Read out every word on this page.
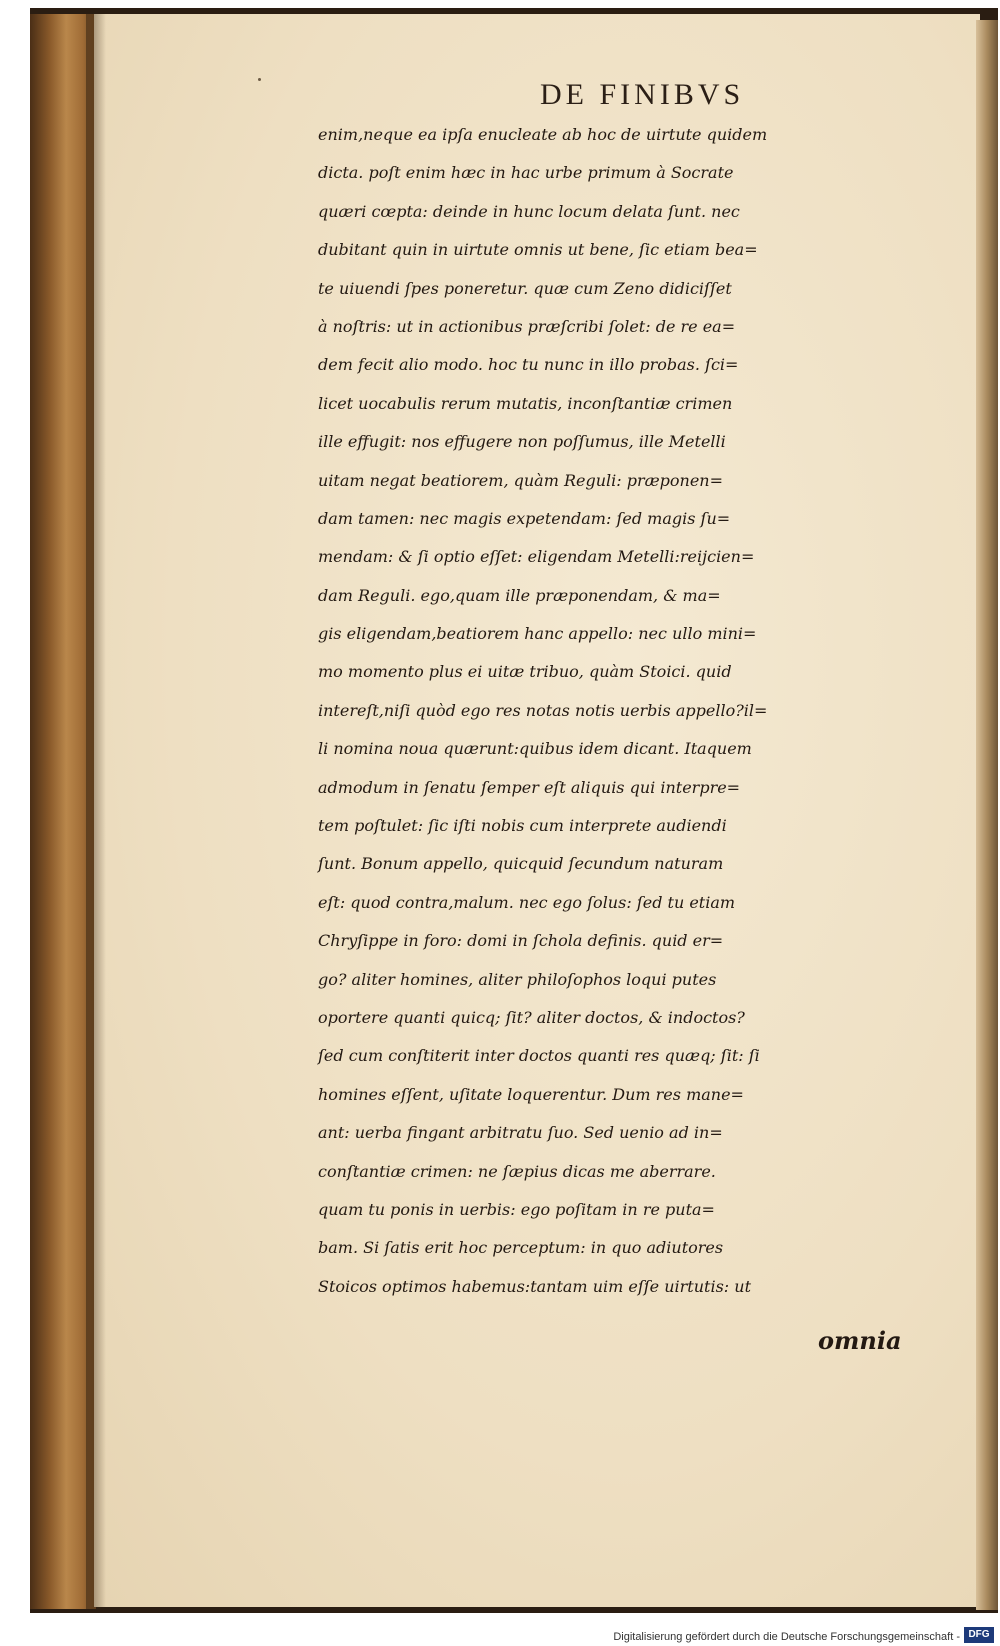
DE FINIBVS
enim,neque ea ipſa enucleate ab hoc de uirtute quidem
dicta. poſt enim hæc in hac urbe primum à Socrate
quæri cœpta: deinde in hunc locum delata ſunt. nec
dubitant quin in uirtute omnis ut bene, ſic etiam bea=
te uiuendi ſpes poneretur. quæ cum Zeno didiciſſet
à noſtris: ut in actionibus præſcribi ſolet: de re ea=
dem fecit alio modo. hoc tu nunc in illo probas. ſci=
licet uocabulis rerum mutatis, inconſtantiæ crimen
ille effugit: nos effugere non poſſumus, ille Metelli
uitam negat beatiorem, quàm Reguli: præponen=
dam tamen: nec magis expetendam: ſed magis ſu=
mendam: & ſi optio eſſet: eligendam Metelli:reijcien=
dam Reguli. ego,quam ille præponendam, & ma=
gis eligendam,beatiorem hanc appello: nec ullo mini=
mo momento plus ei uitæ tribuo, quàm Stoici. quid
intereſt,niſi quòd ego res notas notis uerbis appello?il=
li nomina noua quærunt:quibus idem dicant. Itaquem
admodum in ſenatu ſemper eſt aliquis qui interpre=
tem poſtulet: ſic iſti nobis cum interprete audiendi
ſunt. Bonum appello, quicquid ſecundum naturam
eſt: quod contra,malum. nec ego ſolus: ſed tu etiam
Chryſippe in foro: domi in ſchola definis. quid er=
go? aliter homines, aliter philoſophos loqui putes
oportere quanti quicq; ſit? aliter doctos, & indoctos?
ſed cum conſtiterit inter doctos quanti res quæq; ſit: ſi
homines eſſent, uſitate loquerentur. Dum res mane=
ant: uerba fingant arbitratu ſuo. Sed uenio ad in=
conſtantiæ crimen: ne ſæpius dicas me aberrare.
quam tu ponis in uerbis: ego poſitam in re puta=
bam. Si ſatis erit hoc perceptum: in quo adiutores
Stoicos optimos habemus:tantam uim eſſe uirtutis: ut
omnia
Digitalisierung gefördert durch die Deutsche Forschungsgemeinschaft - DFG
